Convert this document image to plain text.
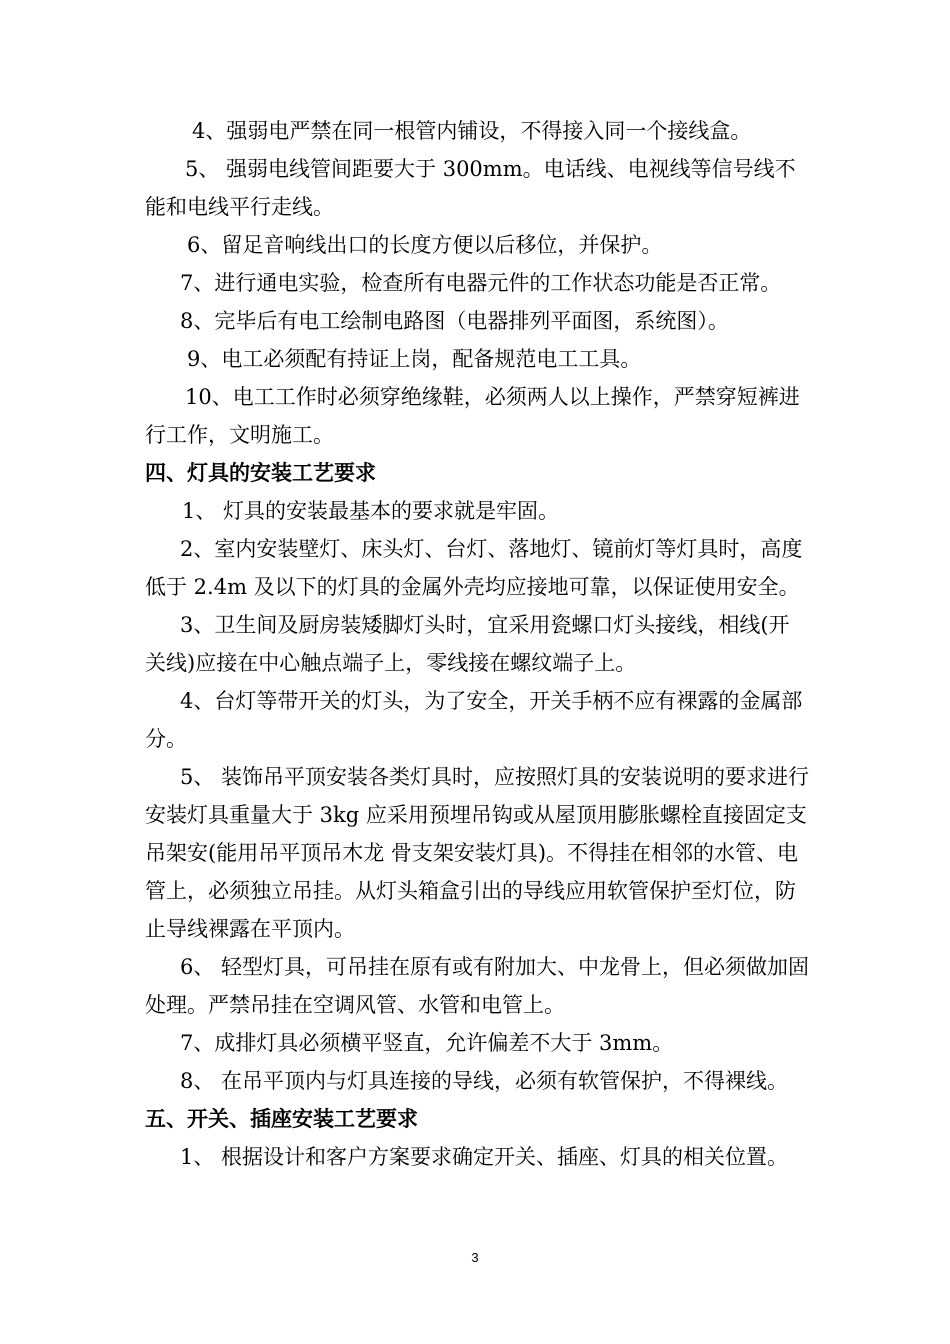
4、强弱电严禁在同一根管内铺设，不得接入同一个接线盒。

5、 强弱电线管间距要大于 300mm。电话线、电视线等信号线不能和电线平行走线。

6、留足音响线出口的长度方便以后移位，并保护。

7、进行通电实验，检查所有电器元件的工作状态功能是否正常。

8、完毕后有电工绘制电路图（电器排列平面图，系统图）。

9、电工必须配有持证上岗，配备规范电工工具。

10、电工工作时必须穿绝缘鞋，必须两人以上操作，严禁穿短裤进行工作，文明施工。

四、灯具的安装工艺要求

1、 灯具的安装最基本的要求就是牢固。

2、室内安装壁灯、床头灯、台灯、落地灯、镜前灯等灯具时，高度低于 2.4m 及以下的灯具的金属外壳均应接地可靠，以保证使用安全。

3、卫生间及厨房装矮脚灯头时，宜采用瓷螺口灯头接线，相线(开关线)应接在中心触点端子上，零线接在螺纹端子上。

4、台灯等带开关的灯头，为了安全，开关手柄不应有裸露的金属部分。

5、 装饰吊平顶安装各类灯具时，应按照灯具的安装说明的要求进行安装灯具重量大于 3kg 应采用预埋吊钩或从屋顶用膨胀螺栓直接固定支吊架安(能用吊平顶吊木龙 骨支架安装灯具)。不得挂在相邻的水管、电管上，必须独立吊挂。从灯头箱盒引出的导线应用软管保护至灯位，防止导线裸露在平顶内。

6、 轻型灯具，可吊挂在原有或有附加大、中龙骨上，但必须做加固处理。严禁吊挂在空调风管、水管和电管上。

7、成排灯具必须横平竖直，允许偏差不大于 3mm。

8、 在吊平顶内与灯具连接的导线，必须有软管保护，不得裸线。

五、开关、插座安装工艺要求

1、 根据设计和客户方案要求确定开关、插座、灯具的相关位置。

3
